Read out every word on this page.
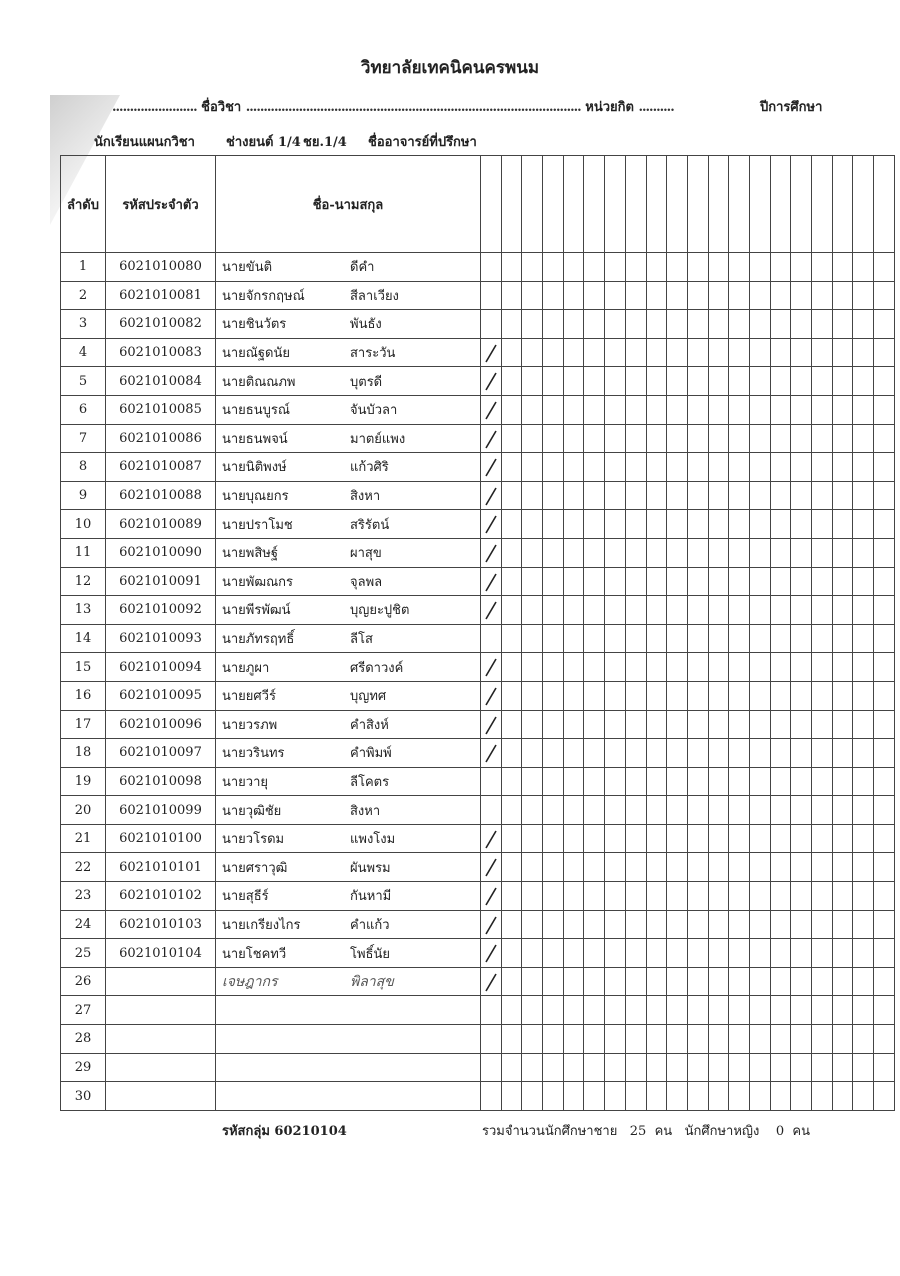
วิทยาลัยเทคนิคนครพนม
........................ ชื่อวิชา ............................................................................................... หน่วยกิต ..........	ปีการศึกษา
นักเรียนแผนกวิชา ช่างยนต์ 1/4 ชย.1/4 ชื่ออาจารย์ที่ปรึกษา
ลำดับ	รหัสประจำตัว	ชื่อ-นามสกุล																				
1	6021010080	นายขันติ ดีคำ																				
2	6021010081	นายจักรกฤษณ์ สีลาเวียง																				
3	6021010082	นายชินวัตร พันธัง																				
4	6021010083	นายณัฐดนัย สาระวัน	

5	6021010084	นายติณณภพ บุตรดี	

6	6021010085	นายธนบูรณ์ จันบัวลา	

7	6021010086	นายธนพจน์ มาตย์แพง	

8	6021010087	นายนิติพงษ์ แก้วศิริ	

9	6021010088	นายบุณยกร สิงหา	

10	6021010089	นายปราโมช สริรัตน์	

11	6021010090	นายพสิษฐ์ ผาสุข	

12	6021010091	นายพัฒณกร จุลพล	

13	6021010092	นายพีรพัฒน์ บุญยะปูชิต	

14	6021010093	นายภัทรฤทธิ์ ลีโส																				
15	6021010094	นายภูผา ศรีดาวงค์	

16	6021010095	นายยศวีร์ บุญทศ	

17	6021010096	นายวรภพ คำสิงห์	

18	6021010097	นายวรินทร คำพิมพ์	

19	6021010098	นายวายุ ลีโคตร																				
20	6021010099	นายวุฒิชัย สิงหา																				
21	6021010100	นายวโรดม แพงโงม	

22	6021010101	นายศราวุฒิ ผันพรม	

23	6021010102	นายสุธีร์ กันหามี	

24	6021010103	นายเกรียงไกร คำแก้ว	

25	6021010104	นายโชคทวี โพธิ์นัย	

26		เจษฎากร พิลาสุข	

27																						
28																						
29																						
30																						
รหัสกลุ่ม 60210104	รวมจำนวนนักศึกษาชาย 25 คน นักศึกษาหญิง 0 คน
